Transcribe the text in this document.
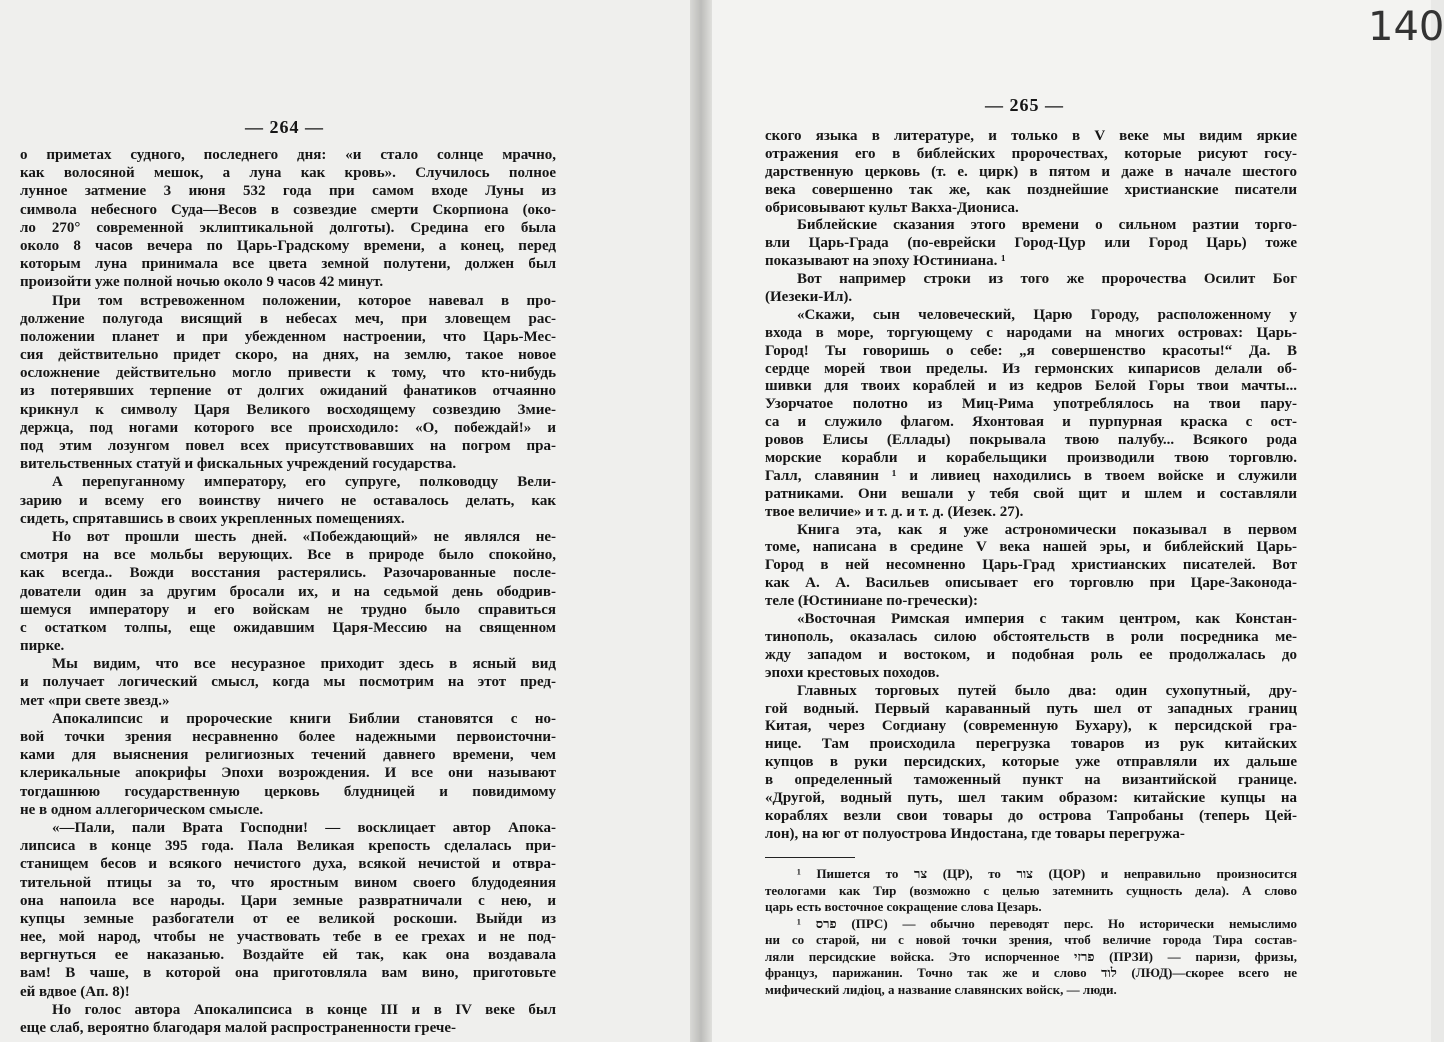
— 264 —
— 265 —
140
о приметах судного, последнего дня: «и стало солнце мрачно,
как волосяной мешок, а луна как кровь». Случилось полное
лунное затмение 3 июня 532 года при самом входе Луны из
символа небесного Суда—Весов в созвездие смерти Скорпиона (око-
ло 270° современной эклиптикальной долготы). Средина его была
около 8 часов вечера по Царь-Градскому времени, а конец, перед
которым луна принимала все цвета земной полутени, должен был
произойти уже полной ночью около 9 часов 42 минут.
При том встревоженном положении, которое навевал в про-
должение полугода висящий в небесах меч, при зловещем рас-
положении планет и при убежденном настроении, что Царь-Мес-
сия действительно придет скоро, на днях, на землю, такое новое
осложнение действительно могло привести к тому, что кто-нибудь
из потерявших терпение от долгих ожиданий фанатиков отчаянно
крикнул к символу Царя Великого восходящему созвездию Змие-
держца, под ногами которого все происходило: «О, побеждай!» и
под этим лозунгом повел всех присутствовавших на погром пра-
вительственных статуй и фискальных учреждений государства.
А перепуганному императору, его супруге, полководцу Вели-
зарию и всему его воинству ничего не оставалось делать, как
сидеть, спрятавшись в своих укрепленных помещениях.
Но вот прошли шесть дней. «Побеждающий» не являлся не-
смотря на все мольбы верующих. Все в природе было спокойно,
как всегда.. Вожди восстания растерялись. Разочарованные после-
дователи один за другим бросали их, и на седьмой день ободрив-
шемуся императору и его войскам не трудно было справиться
с остатком толпы, еще ожидавшим Царя-Мессию на священном
пирке.
Мы видим, что все несуразное приходит здесь в ясный вид
и получает логический смысл, когда мы посмотрим на этот пред-
мет «при свете звезд.»
Апокалипсис и пророческие книги Библии становятся с но-
вой точки зрения несравненно более надежными первоисточни-
ками для выяснения религиозных течений давнего времени, чем
клерикальные апокрифы Эпохи возрождения. И все они называют
тогдашнюю государственную церковь блудницей и повидимому
не в одном аллегорическом смысле.
«—Пали, пали Врата Господни! — восклицает автор Апока-
липсиса в конце 395 года. Пала Великая крепость сделалась при-
станищем бесов и всякого нечистого духа, всякой нечистой и отвра-
тительной птицы за то, что яростным вином своего блудодеяния
она напоила все народы. Цари земные развратничали с нею, и
купцы земные разбогатели от ее великой роскоши. Выйди из
нее, мой народ, чтобы не участвовать тебе в ее грехах и не под-
вергнуться ее наказанью. Воздайте ей так, как она воздавала
вам! В чаше, в которой она приготовляла вам вино, приготовьте
ей вдвое (Ап. 8)!
Но голос автора Апокалипсиса в конце III и в IV веке был
еще слаб, вероятно благодаря малой распространенности грече-
ского языка в литературе, и только в V веке мы видим яркие
отражения его в библейских пророчествах, которые рисуют госу-
дарственную церковь (т. е. цирк) в пятом и даже в начале шестого
века совершенно так же, как позднейшие христианские писатели
обрисовывают культ Вакха-Диониса.
Библейские сказания этого времени о сильном разтии торго-
вли Царь-Града (по-еврейски Город-Цур или Город Царь) тоже
показывают на эпоху Юстиниана. ¹
Вот например строки из того же пророчества Осилит Бог
(Иезеки-Ил).
«Скажи, сын человеческий, Царю Городу, расположенному у
входа в море, торгующему с народами на многих островах: Царь-
Город! Ты говоришь о себе: „я совершенство красоты!“ Да. В
сердце морей твои пределы. Из гермонских кипарисов делали об-
шивки для твоих кораблей и из кедров Белой Горы твои мачты...
Узорчатое полотно из Миц-Рима употреблялось на твои пару-
са и служило флагом. Яхонтовая и пурпурная краска с ост-
ровов Елисы (Еллады) покрывала твою палубу... Всякого рода
морские корабли и корабельщики производили твою торговлю.
Галл, славянин ¹ и ливиец находились в твоем войске и служили
ратниками. Они вешали у тебя свой щит и шлем и составляли
твое величие» и т. д. и т. д. (Иезек. 27).
Книга эта, как я уже астрономически показывал в первом
томе, написана в средине V века нашей эры, и библейский Царь-
Город в ней несомненно Царь-Град христианских писателей. Вот
как А. А. Васильев описывает его торговлю при Царе-Законода-
теле (Юстиниане по-гречески):
«Восточная Римская империя с таким центром, как Констан-
тинополь, оказалась силою обстоятельств в роли посредника ме-
жду западом и востоком, и подобная роль ее продолжалась до
эпохи крестовых походов.
Главных торговых путей было два: один сухопутный, дру-
гой водный. Первый караванный путь шел от западных границ
Китая, через Согдиану (современную Бухару), к персидской гра-
нице. Там происходила перегрузка товаров из рук китайских
купцов в руки персидских, которые уже отправляли их дальше
в определенный таможенный пункт на византийской границе.
«Другой, водный путь, шел таким образом: китайские купцы на
кораблях везли свои товары до острова Тапробаны (теперь Цей-
лон), на юг от полуострова Индостана, где товары перегружа-
¹ Пишется то צר (ЦР), то צור (ЦОР) и неправильно произносится
теологами как Тир (возможно с целью затемнить сущность дела). А слово
царь есть восточное сокращение слова Цезарь.
¹ פרס (ПРС) — обычно переводят перс. Но исторически немыслимо
ни со старой, ни с новой точки зрения, чтоб величие города Тира состав-
ляли персидские войска. Это испорченное פרזי (ПРЗИ) — паризи, фризы,
француз, парижанин. Точно так же и слово לוד (ЛЮД)—скорее всего не
мифический лидiоц, а название славянских войск, — люди.
